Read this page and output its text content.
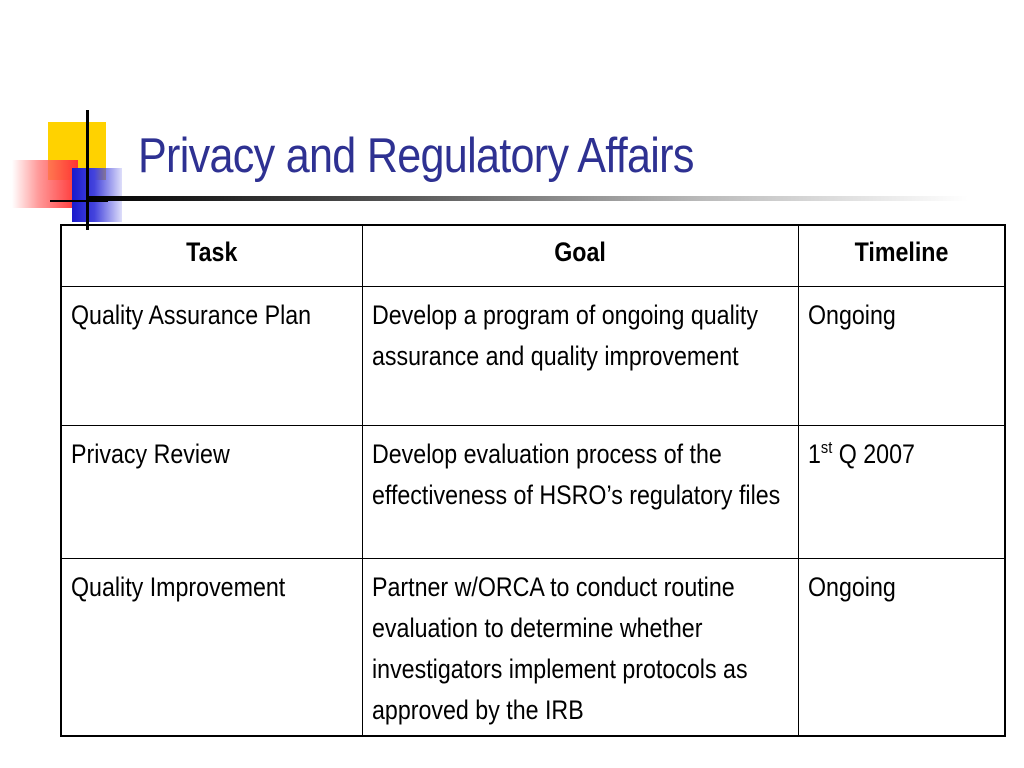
Privacy and Regulatory Affairs
Task	Goal	Timeline
Quality Assurance Plan	Develop a program of ongoing quality assurance and quality improvement	Ongoing
Privacy Review	Develop evaluation process of the effectiveness of HSRO’s regulatory files	1st Q 2007
Quality Improvement	Partner w/ORCA to conduct routine evaluation to determine whether investigators implement protocols as approved by the IRB	Ongoing
